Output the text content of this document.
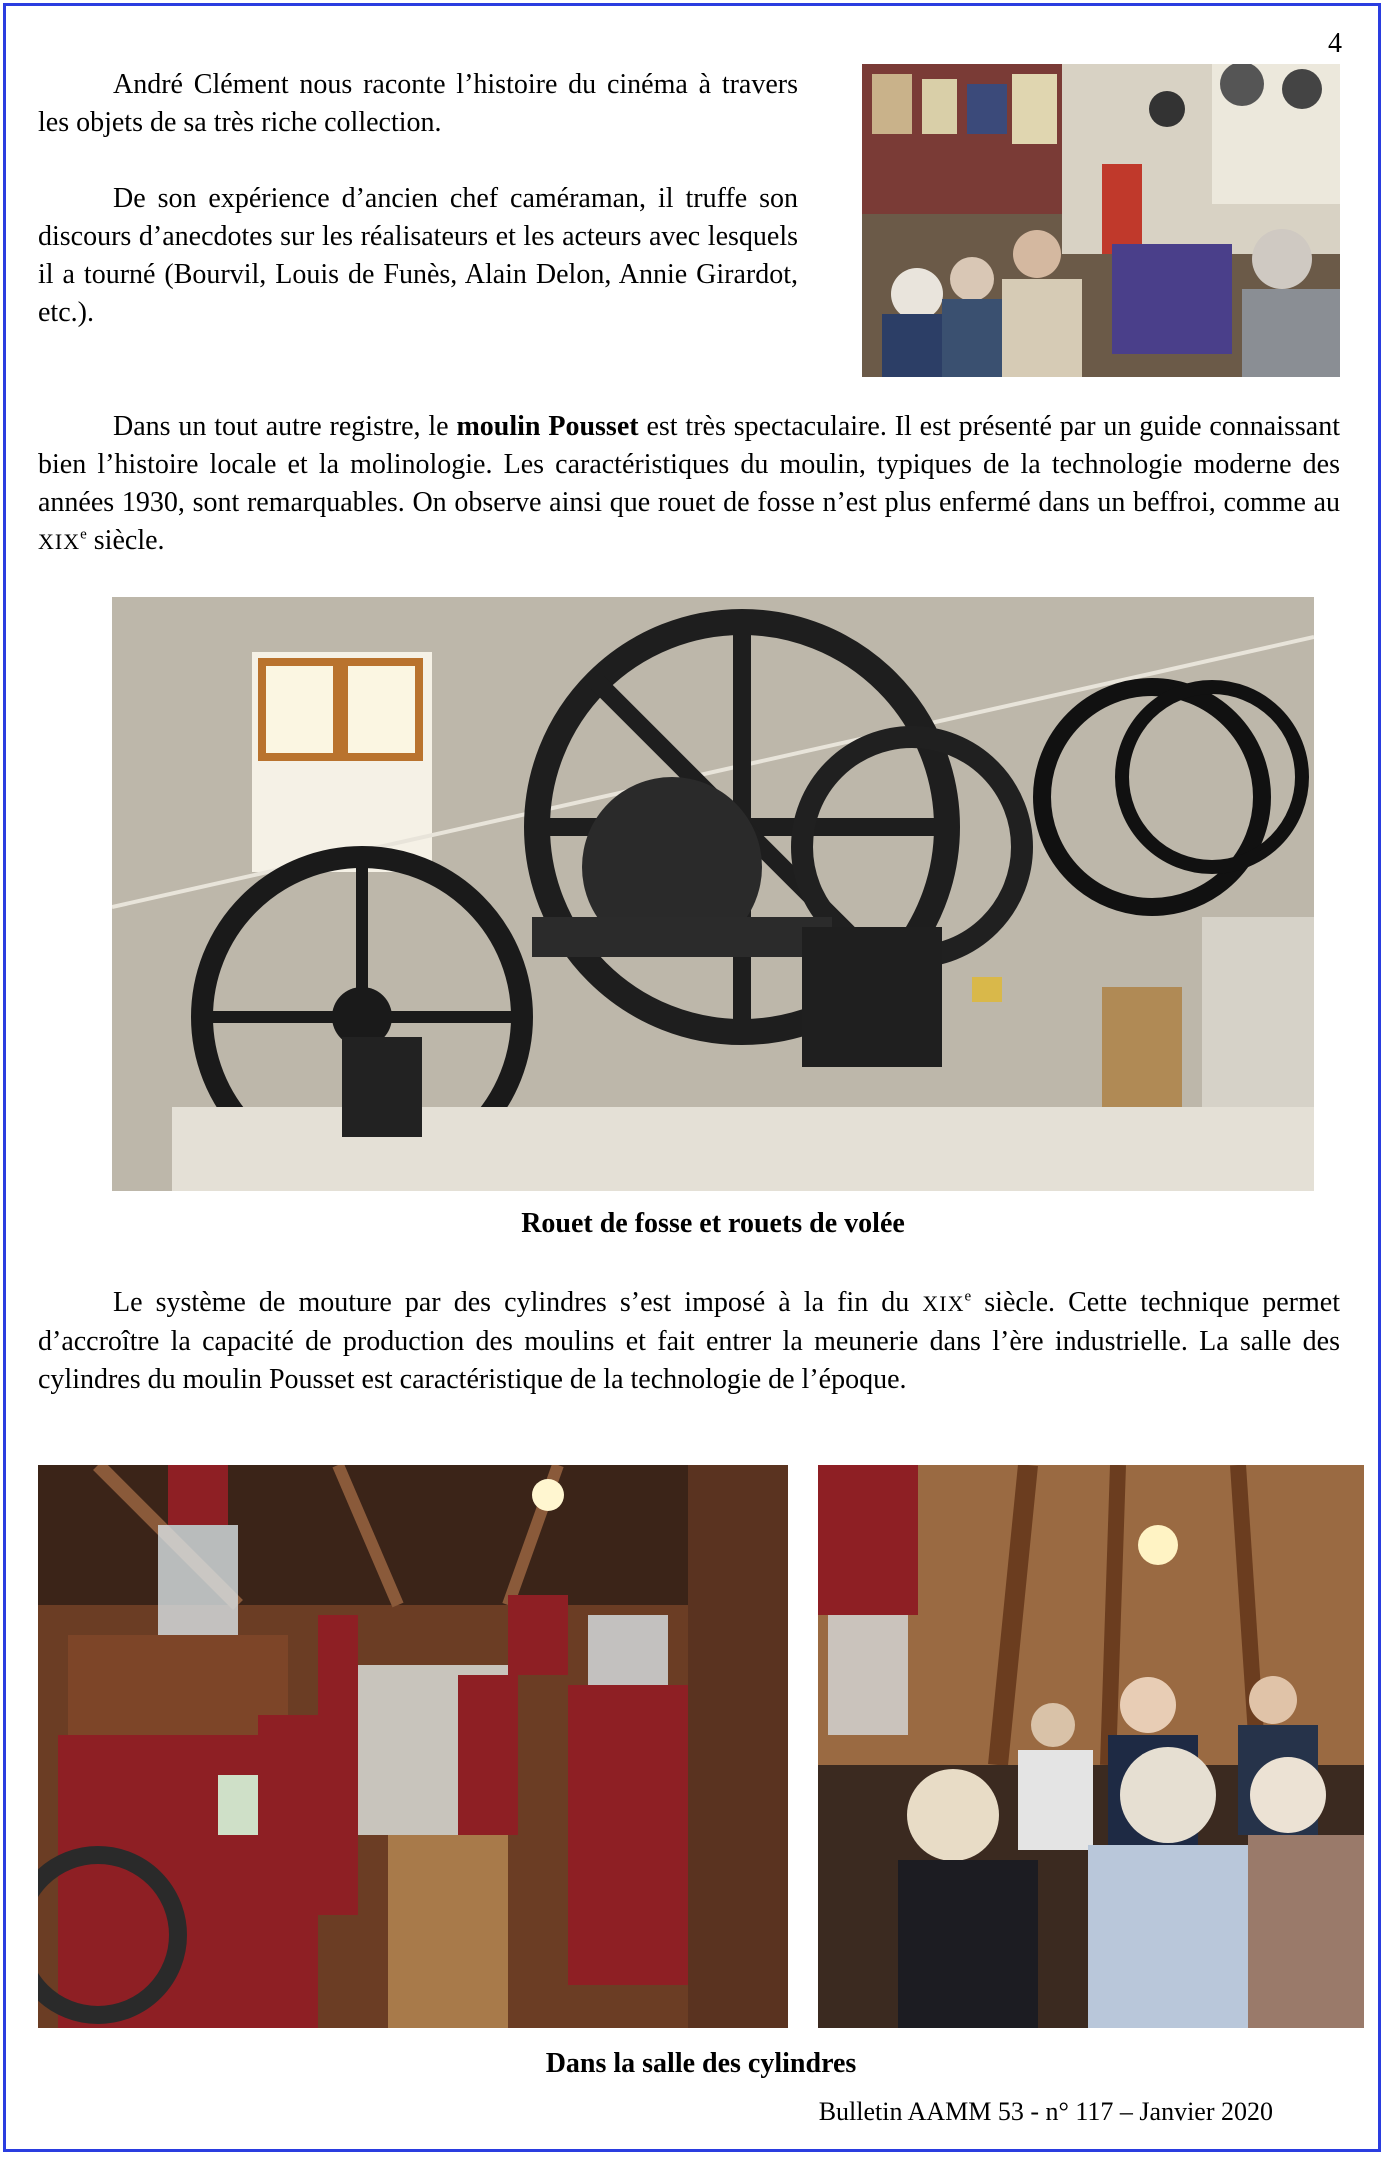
4

André Clément nous raconte l’histoire du cinéma à travers les objets de sa très riche collection.

De son expérience d’ancien chef caméraman, il truffe son discours d’anecdotes sur les réalisateurs et les acteurs avec lesquels il a tourné (Bourvil, Louis de Funès, Alain Delon, Annie Girardot, etc.).

Dans un tout autre registre, le moulin Pousset est très spectaculaire. Il est présenté par un guide connaissant bien l’histoire locale et la molinologie. Les caractéristiques du moulin, typiques de la technologie moderne des années 1930, sont remarquables. On observe ainsi que rouet de fosse n’est plus enfermé dans un beffroi, comme au XIXe siècle.

Rouet de fosse et rouets de volée

Le système de mouture par des cylindres s’est imposé à la fin du XIXe siècle. Cette technique permet d’accroître la capacité de production des moulins et fait entrer la meunerie dans l’ère industrielle. La salle des cylindres du moulin Pousset est caractéristique de la technologie de l’époque.

Dans la salle des cylindres
Bulletin AAMM 53 - n° 117 – Janvier 2020
